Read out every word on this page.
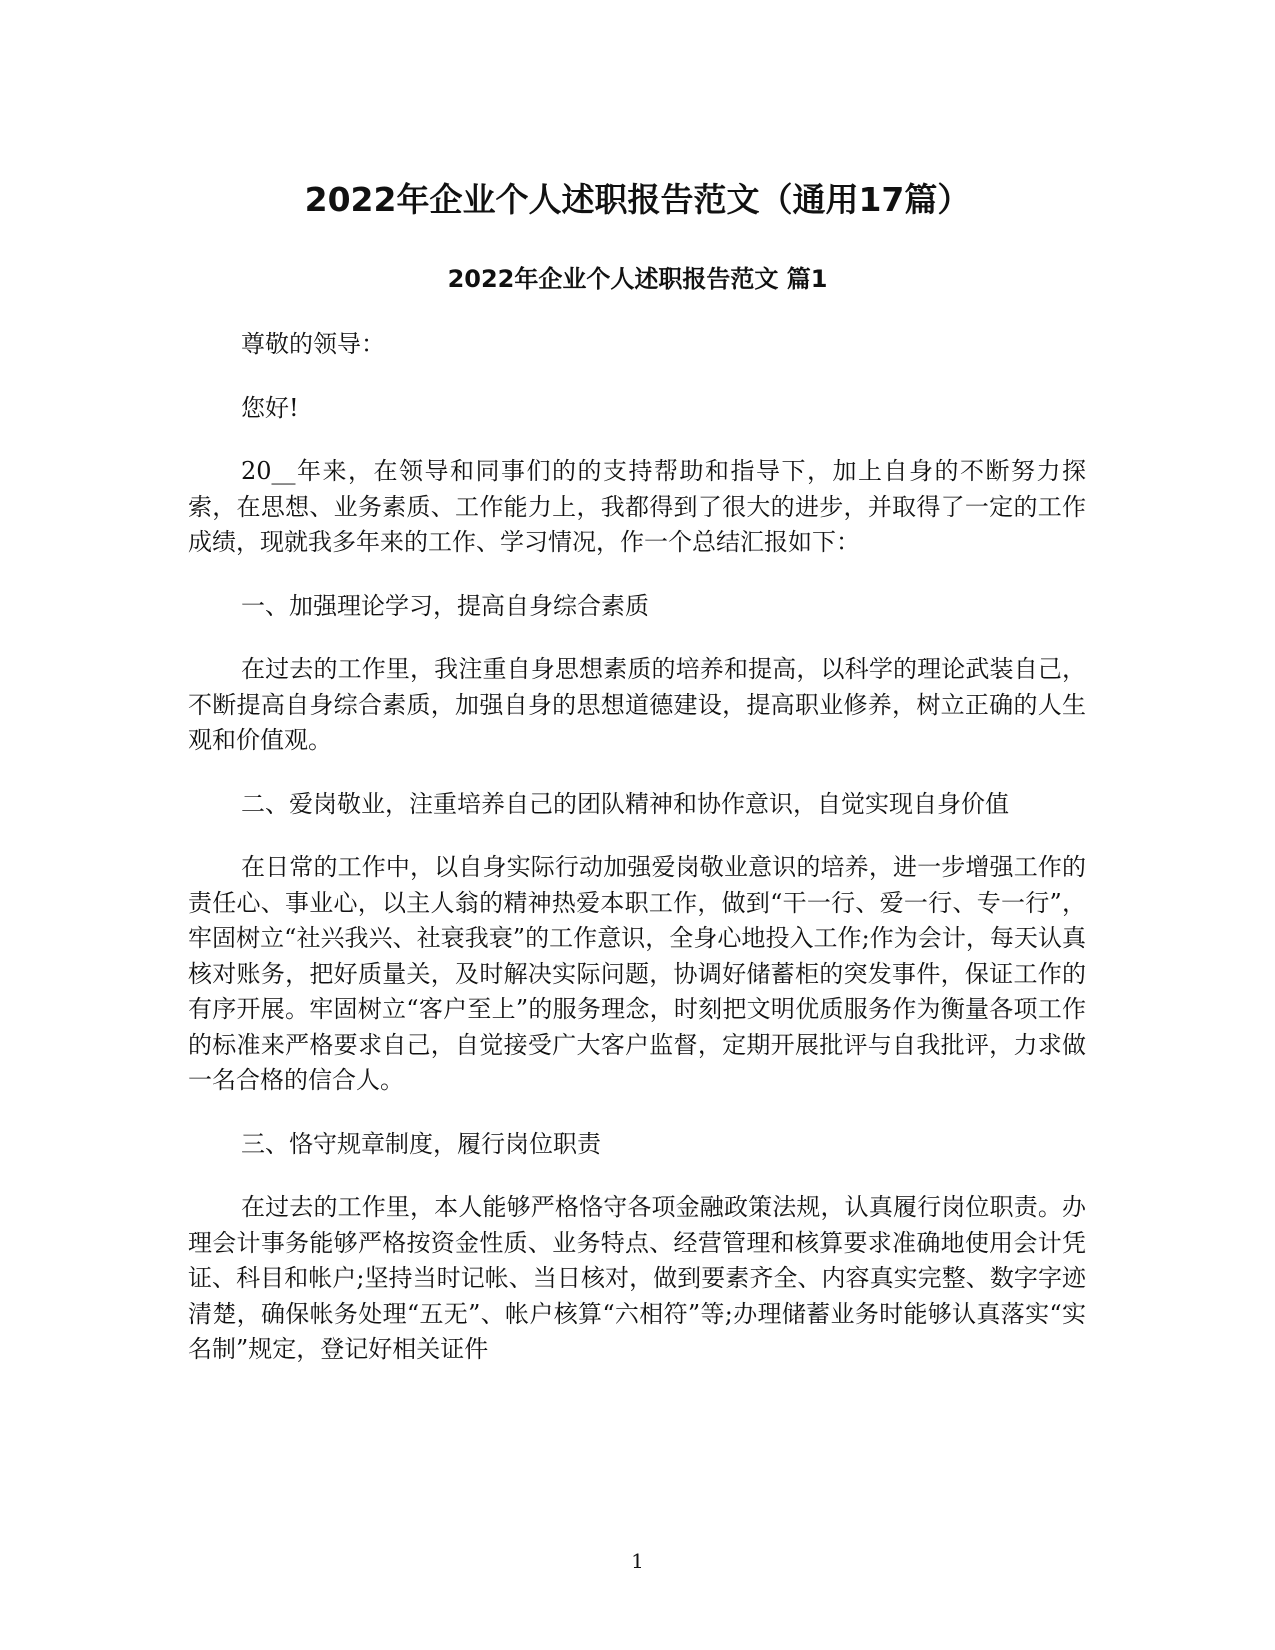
2022年企业个人述职报告范文（通用17篇）
2022年企业个人述职报告范文 篇1

尊敬的领导：

您好!

20__年来，在领导和同事们的的支持帮助和指导下，加上自身的不断努力探索，在思想、业务素质、工作能力上，我都得到了很大的进步，并取得了一定的工作成绩，现就我多年来的工作、学习情况，作一个总结汇报如下：

一、加强理论学习，提高自身综合素质

在过去的工作里，我注重自身思想素质的培养和提高，以科学的理论武装自己，不断提高自身综合素质，加强自身的思想道德建设，提高职业修养，树立正确的人生观和价值观。

二、爱岗敬业，注重培养自己的团队精神和协作意识，自觉实现自身价值

在日常的工作中，以自身实际行动加强爱岗敬业意识的培养，进一步增强工作的责任心、事业心，以主人翁的精神热爱本职工作，做到“干一行、爱一行、专一行”，牢固树立“社兴我兴、社衰我衰”的工作意识，全身心地投入工作;作为会计，每天认真核对账务，把好质量关，及时解决实际问题，协调好储蓄柜的突发事件，保证工作的有序开展。牢固树立“客户至上”的服务理念，时刻把文明优质服务作为衡量各项工作的标准来严格要求自己，自觉接受广大客户监督，定期开展批评与自我批评，力求做一名合格的信合人。

三、恪守规章制度，履行岗位职责

在过去的工作里，本人能够严格恪守各项金融政策法规，认真履行岗位职责。办理会计事务能够严格按资金性质、业务特点、经营管理和核算要求准确地使用会计凭证、科目和帐户;坚持当时记帐、当日核对，做到要素齐全、内容真实完整、数字字迹清楚，确保帐务处理“五无”、帐户核算“六相符”等;办理储蓄业务时能够认真落实“实名制”规定，登记好相关证件

1
